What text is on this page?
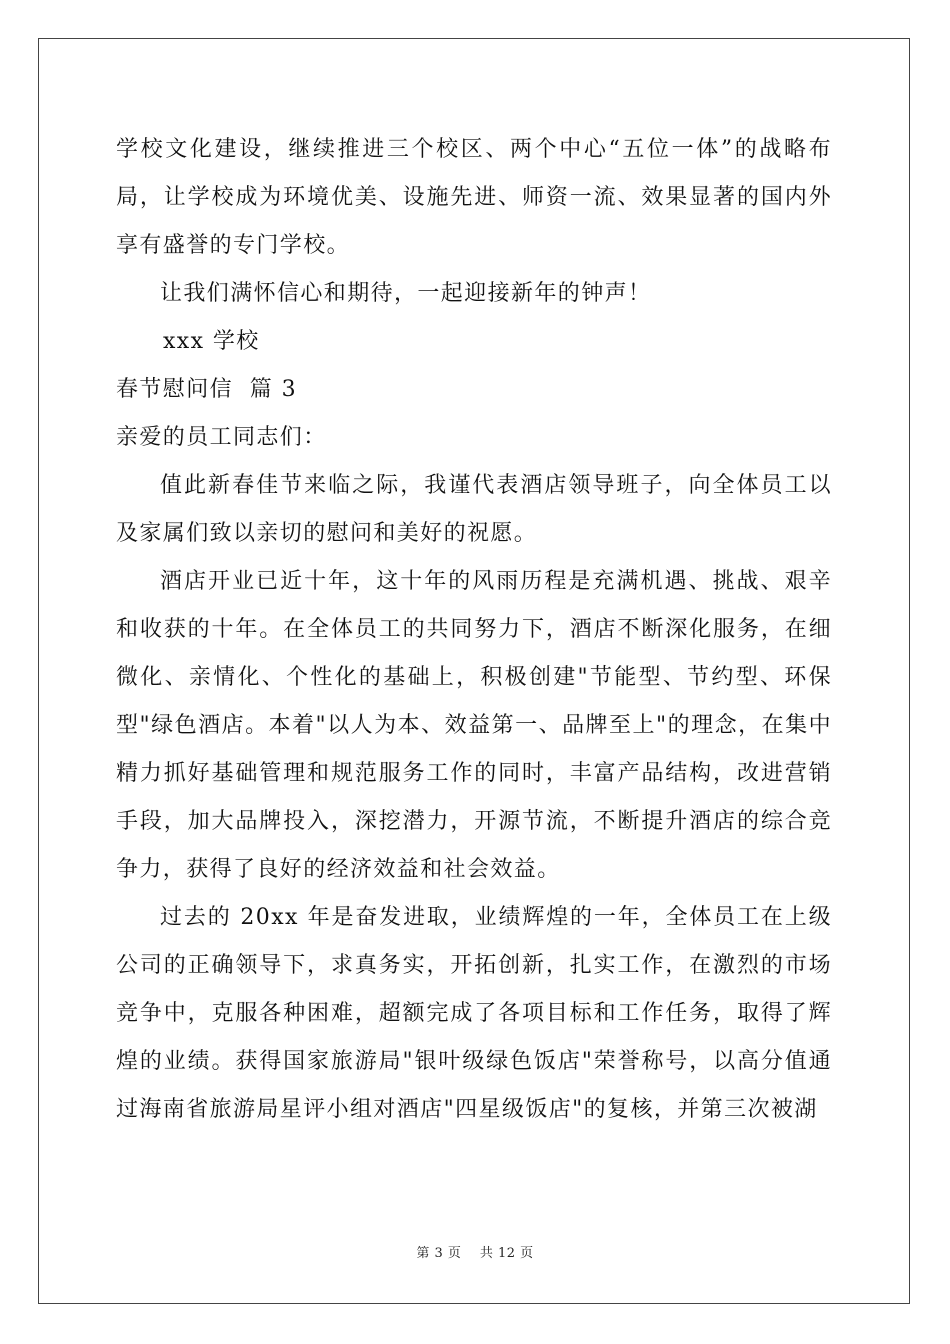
学校文化建设，继续推进三个校区、两个中心“五位一体”的战略布局，让学校成为环境优美、设施先进、师资一流、效果显著的国内外享有盛誉的专门学校。

让我们满怀信心和期待，一起迎接新年的钟声！

xxx 学校

春节慰问信  篇 3

亲爱的员工同志们：

值此新春佳节来临之际，我谨代表酒店领导班子，向全体员工以及家属们致以亲切的慰问和美好的祝愿。

酒店开业已近十年，这十年的风雨历程是充满机遇、挑战、艰辛和收获的十年。在全体员工的共同努力下，酒店不断深化服务，在细微化、亲情化、个性化的基础上，积极创建"节能型、节约型、环保型"绿色酒店。本着"以人为本、效益第一、品牌至上"的理念，在集中精力抓好基础管理和规范服务工作的同时，丰富产品结构，改进营销手段，加大品牌投入，深挖潜力，开源节流，不断提升酒店的综合竞争力，获得了良好的经济效益和社会效益。

过去的 20xx 年是奋发进取，业绩辉煌的一年，全体员工在上级公司的正确领导下，求真务实，开拓创新，扎实工作，在激烈的市场竞争中，克服各种困难，超额完成了各项目标和工作任务，取得了辉煌的业绩。获得国家旅游局"银叶级绿色饭店"荣誉称号，以高分值通过海南省旅游局星评小组对酒店"四星级饭店"的复核，并第三次被湖

第 3 页    共 12 页
